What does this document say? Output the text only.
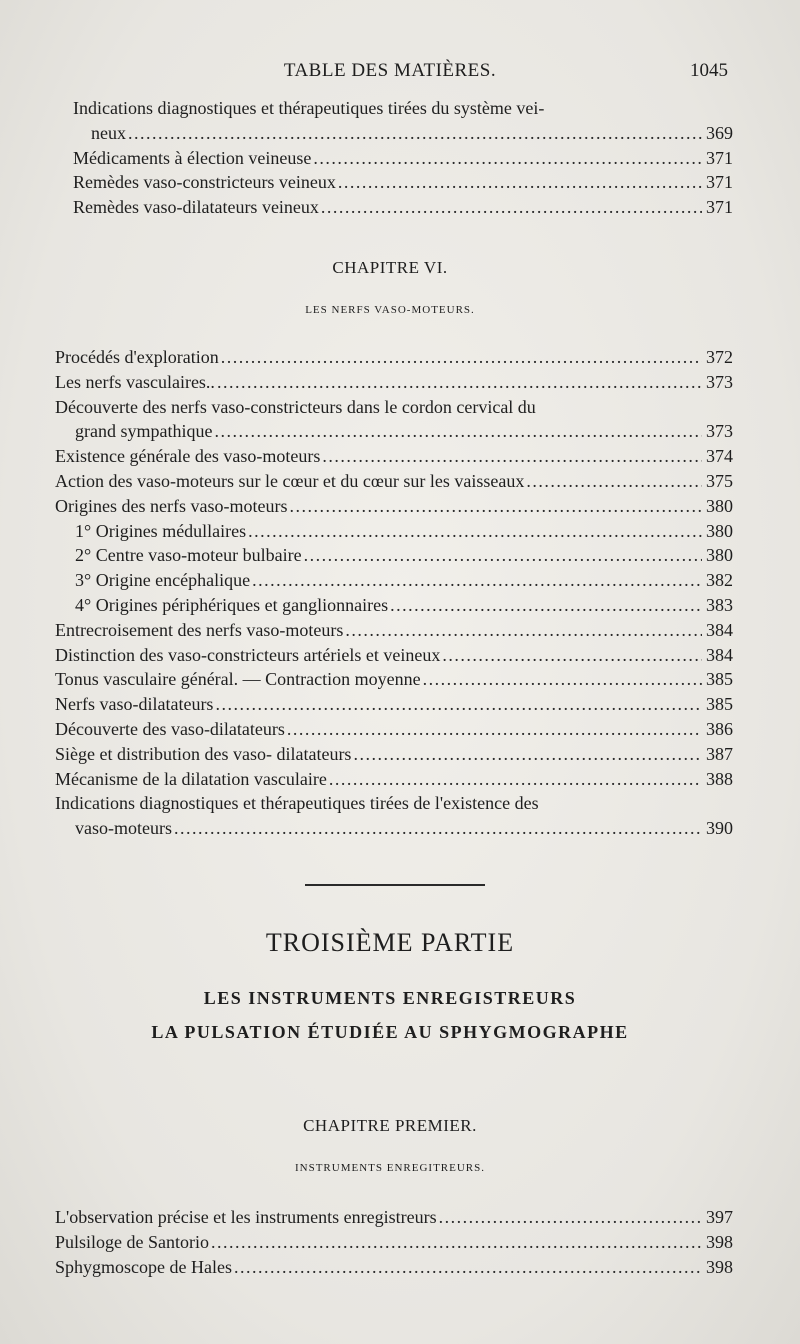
TABLE DES MATIÈRES.	1045
Indications diagnostiques et thérapeutiques tirées du système vei-
neux .....	369
Médicaments à élection veineuse .....	371
Remèdes vaso-constricteurs veineux .....	371
Remèdes vaso-dilatateurs veineux .....	371
CHAPITRE VI.
LES NERFS VASO-MOTEURS.
Procédés d'exploration .....	372
Les nerfs vasculaires.. .....	373
Découverte des nerfs vaso-constricteurs dans le cordon cervical du
grand sympathique .....	373
Existence générale des vaso-moteurs .....	374
Action des vaso-moteurs sur le cœur et du cœur sur les vaisseaux .....	375
Origines des nerfs vaso-moteurs .....	380
1° Origines médullaires .....	380
2° Centre vaso-moteur bulbaire .....	380
3° Origine encéphalique .....	382
4° Origines périphériques et ganglionnaires .....	383
Entrecroisement des nerfs vaso-moteurs .....	384
Distinction des vaso-constricteurs artériels et veineux .....	384
Tonus vasculaire général. — Contraction moyenne .....	385
Nerfs vaso-dilatateurs .....	385
Découverte des vaso-dilatateurs .....	386
Siège et distribution des vaso- dilatateurs .....	387
Mécanisme de la dilatation vasculaire .....	388
Indications diagnostiques et thérapeutiques tirées de l'existence des
vaso-moteurs .....	390
TROISIÈME PARTIE
LES INSTRUMENTS ENREGISTREURS
LA PULSATION ÉTUDIÉE AU SPHYGMOGRAPHE
CHAPITRE PREMIER.
INSTRUMENTS ENREGITREURS.
L'observation précise et les instruments enregistreurs .....	397
Pulsiloge de Santorio .....	398
Sphygmoscope de Hales .....	398
